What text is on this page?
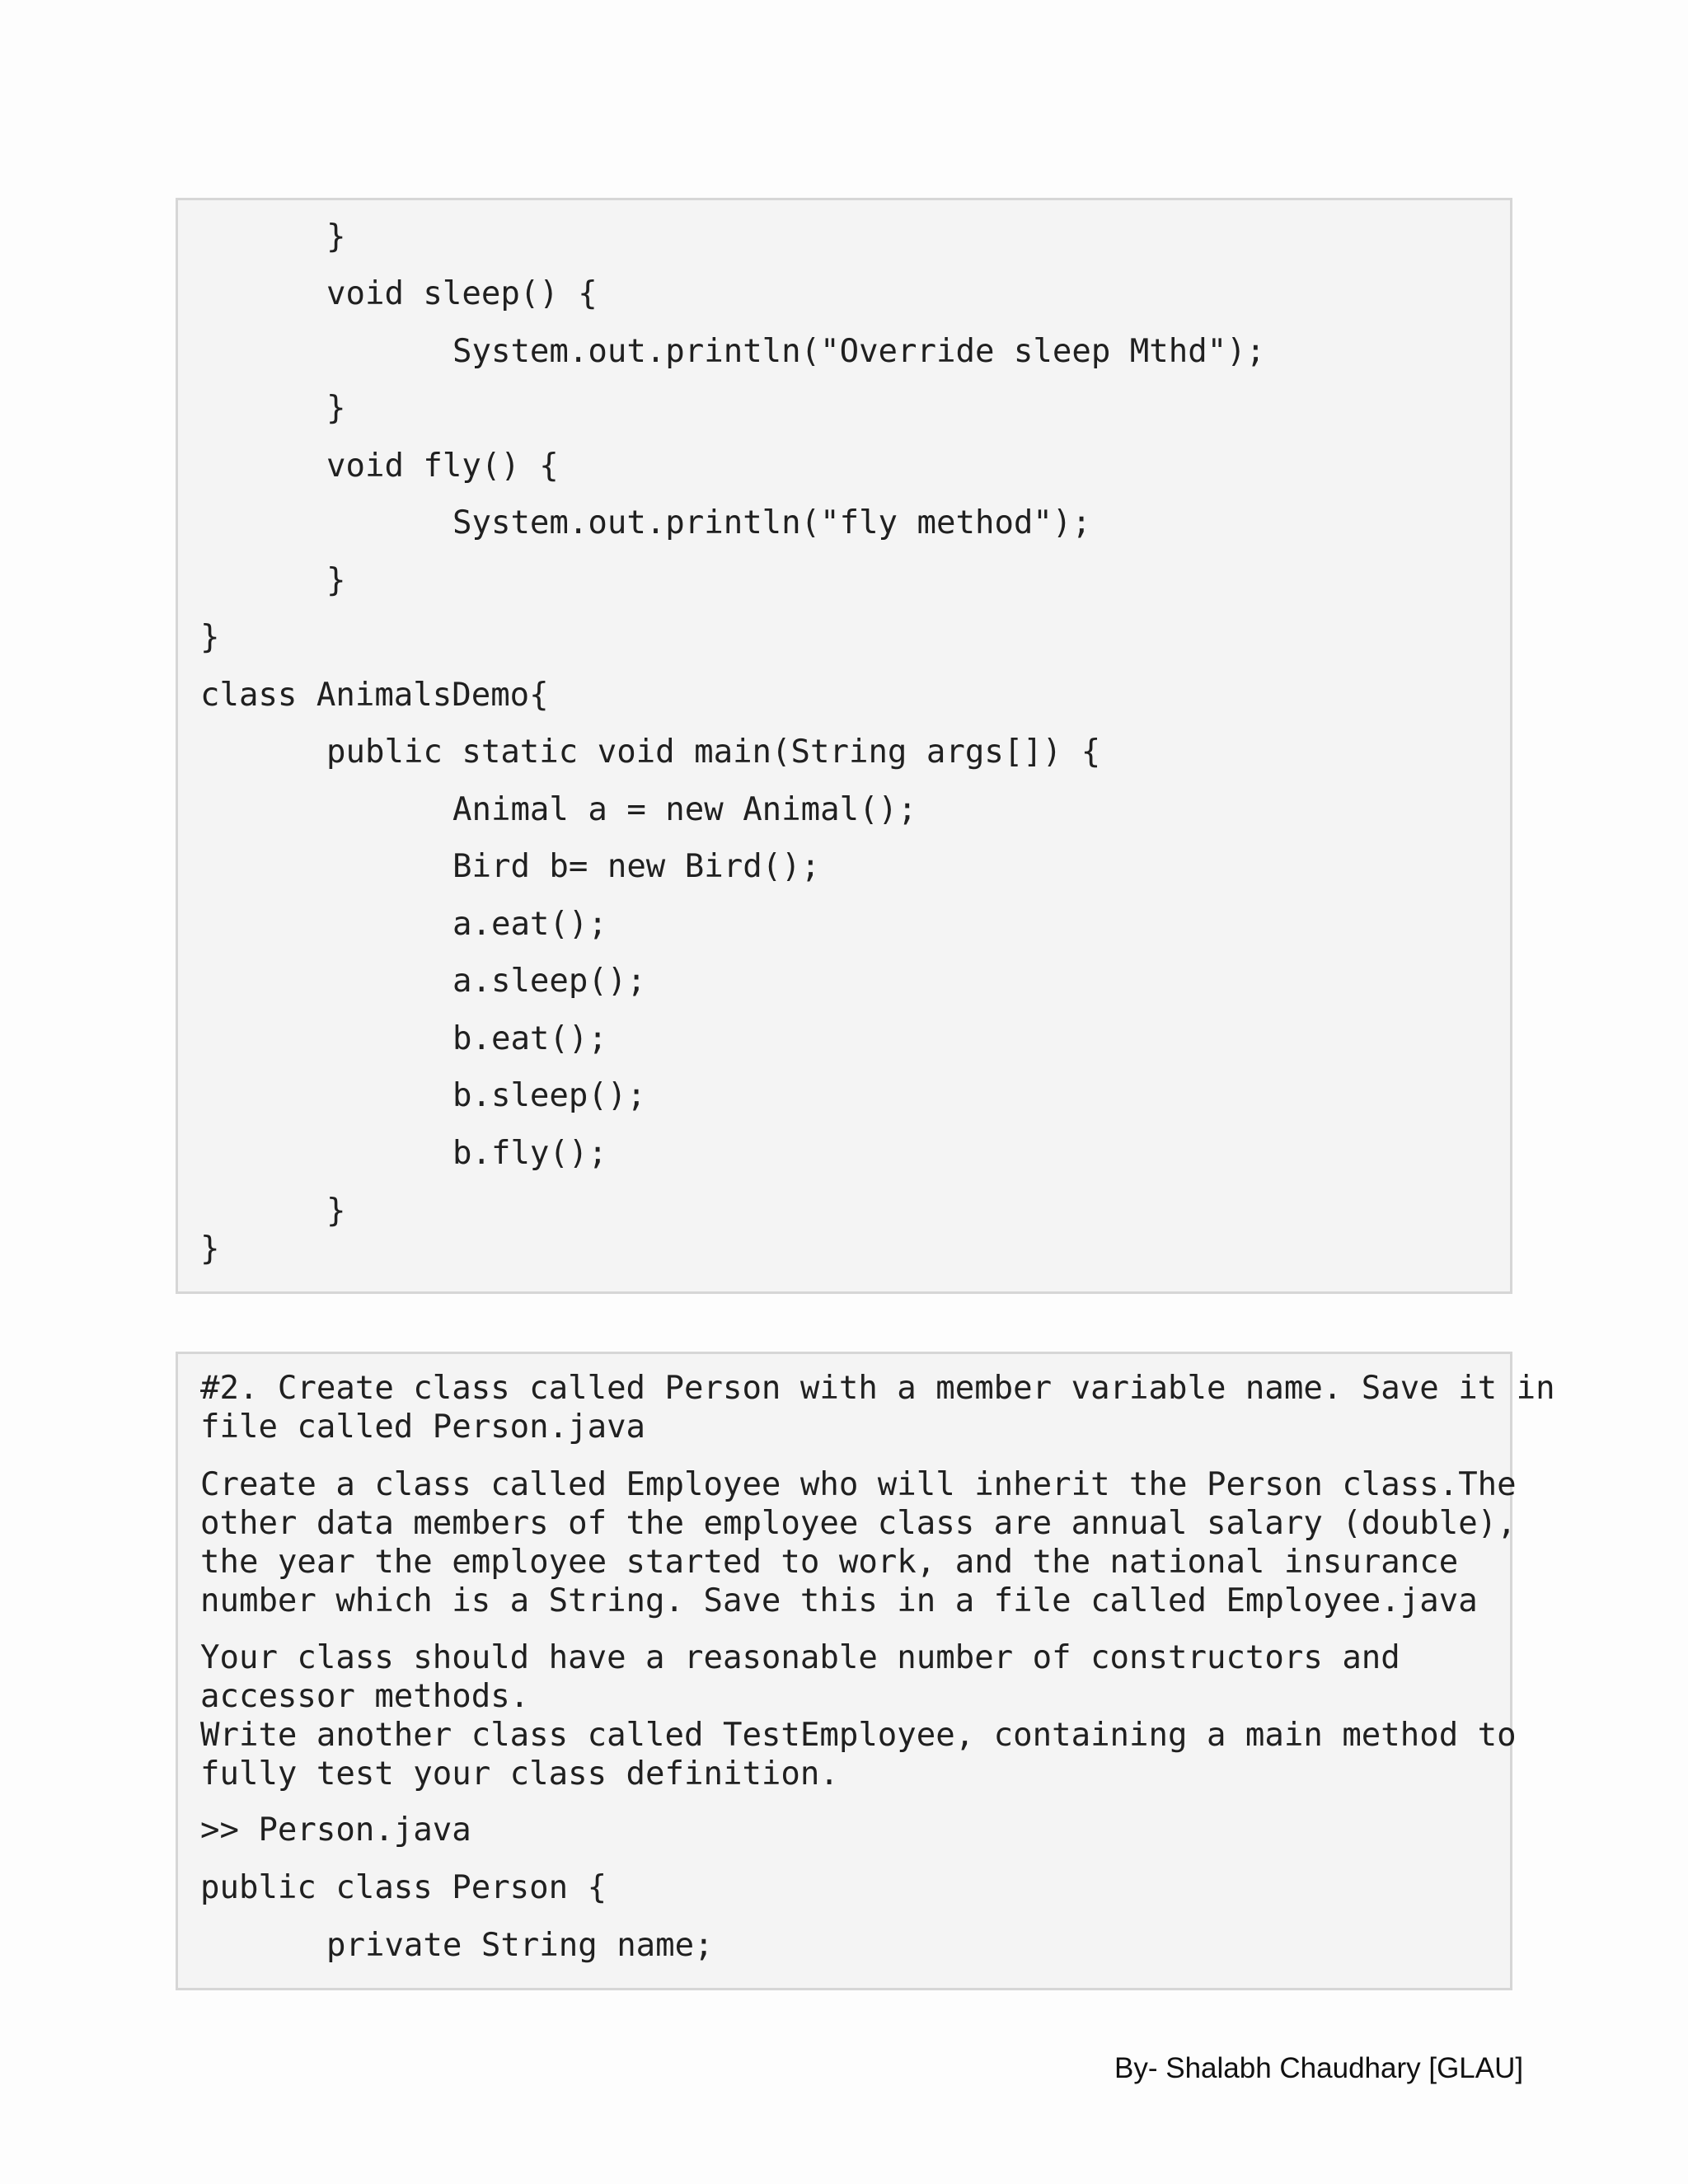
}
void sleep() {
System.out.println("Override sleep Mthd");
}
void fly() {
System.out.println("fly method");
}
}
class AnimalsDemo{
public static void main(String args[]) {
Animal a = new Animal();
Bird b= new Bird();
a.eat();
a.sleep();
b.eat();
b.sleep();
b.fly();
}
}
#2. Create class called Person with a member variable name. Save it in
file called Person.java
Create a class called Employee who will inherit the Person class.The
other data members of the employee class are annual salary (double),
the year the employee started to work, and the national insurance
number which is a String. Save this in a file called Employee.java
Your class should have a reasonable number of constructors and
accessor methods.
Write another class called TestEmployee, containing a main method to
fully test your class definition.
>> Person.java
public class Person {
private String name;
By- Shalabh Chaudhary [GLAU]
